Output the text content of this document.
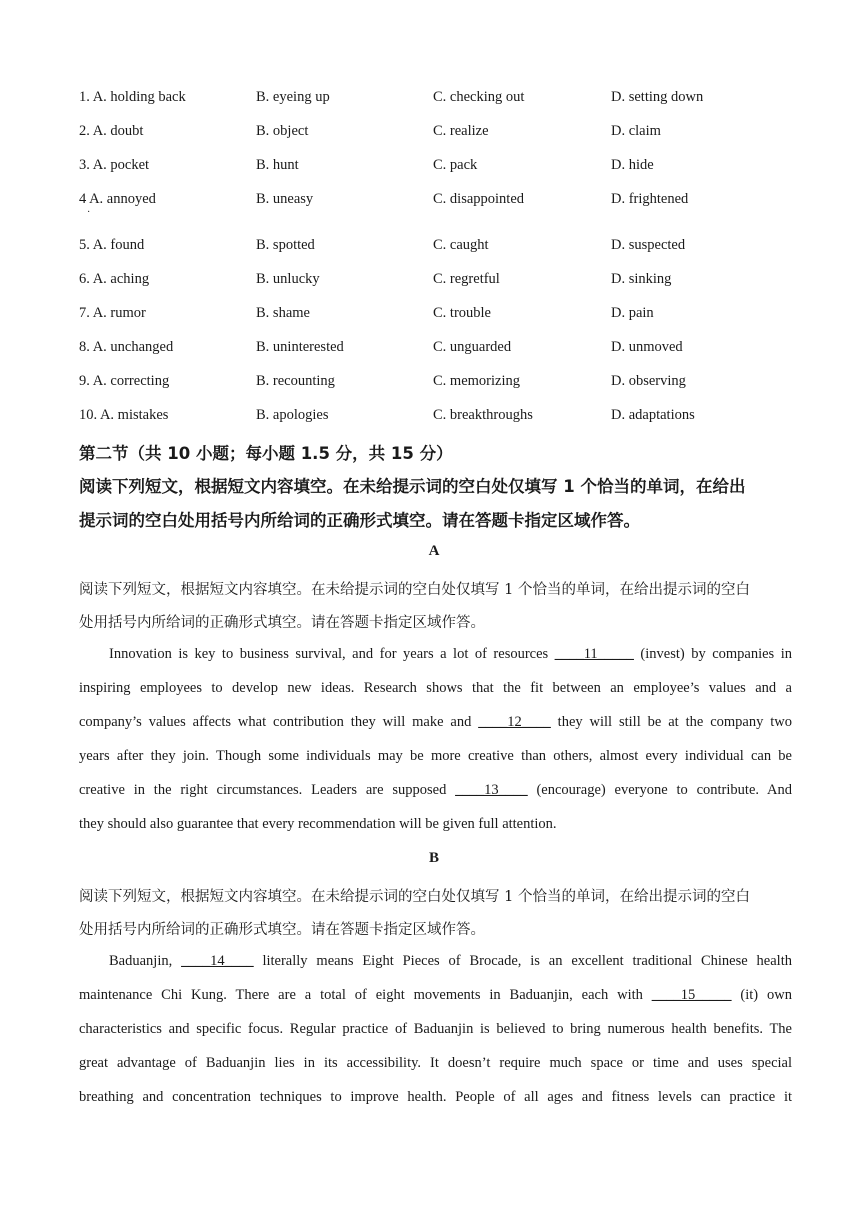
1. A. holding back	B. eyeing up	C. checking out	D. setting down
2. A. doubt	B. object	C. realize	D. claim
3. A. pocket	B. hunt	C. pack	D. hide
4 A. annoyed	B. uneasy	C. disappointed	D. frightened
5. A. found	B. spotted	C. caught	D. suspected
6. A. aching	B. unlucky	C. regretful	D. sinking
7. A. rumor	B. shame	C. trouble	D. pain
8. A. unchanged	B. uninterested	C. unguarded	D. unmoved
9. A. correcting	B. recounting	C. memorizing	D. observing
10. A. mistakes	B. apologies	C. breakthroughs	D. adaptations
·
第二节（共 10 小题；每小题 1.5 分，共 15 分）
阅读下列短文，根据短文内容填空。在未给提示词的空白处仅填写 1 个恰当的单词，在给出
提示词的空白处用括号内所给词的正确形式填空。请在答题卡指定区域作答。
A
阅读下列短文，根据短文内容填空。在未给提示词的空白处仅填写 1 个恰当的单词，在给出提示词的空白
处用括号内所给词的正确形式填空。请在答题卡指定区域作答。
Innovation is key to business survival, and for years a lot of resources ____11_____ (invest) by companies in
inspiring employees to develop new ideas. Research shows that the fit between an employee’s values and a
company’s values affects what contribution they will make and ____12____ they will still be at the company two
years after they join. Though some individuals may be more creative than others, almost every individual can be
creative in the right circumstances. Leaders are supposed ____13____ (encourage) everyone to contribute. And
they should also guarantee that every recommendation will be given full attention.
B
阅读下列短文，根据短文内容填空。在未给提示词的空白处仅填写 1 个恰当的单词，在给出提示词的空白
处用括号内所给词的正确形式填空。请在答题卡指定区域作答。
Baduanjin, ____14____ literally means Eight Pieces of Brocade, is an excellent traditional Chinese health
maintenance Chi Kung. There are a total of eight movements in Baduanjin, each with ____15_____ (it) own
characteristics and specific focus. Regular practice of Baduanjin is believed to bring numerous health benefits. The
great advantage of Baduanjin lies in its accessibility. It doesn’t require much space or time and uses special
breathing and concentration techniques to improve health. People of all ages and fitness levels can practice it
